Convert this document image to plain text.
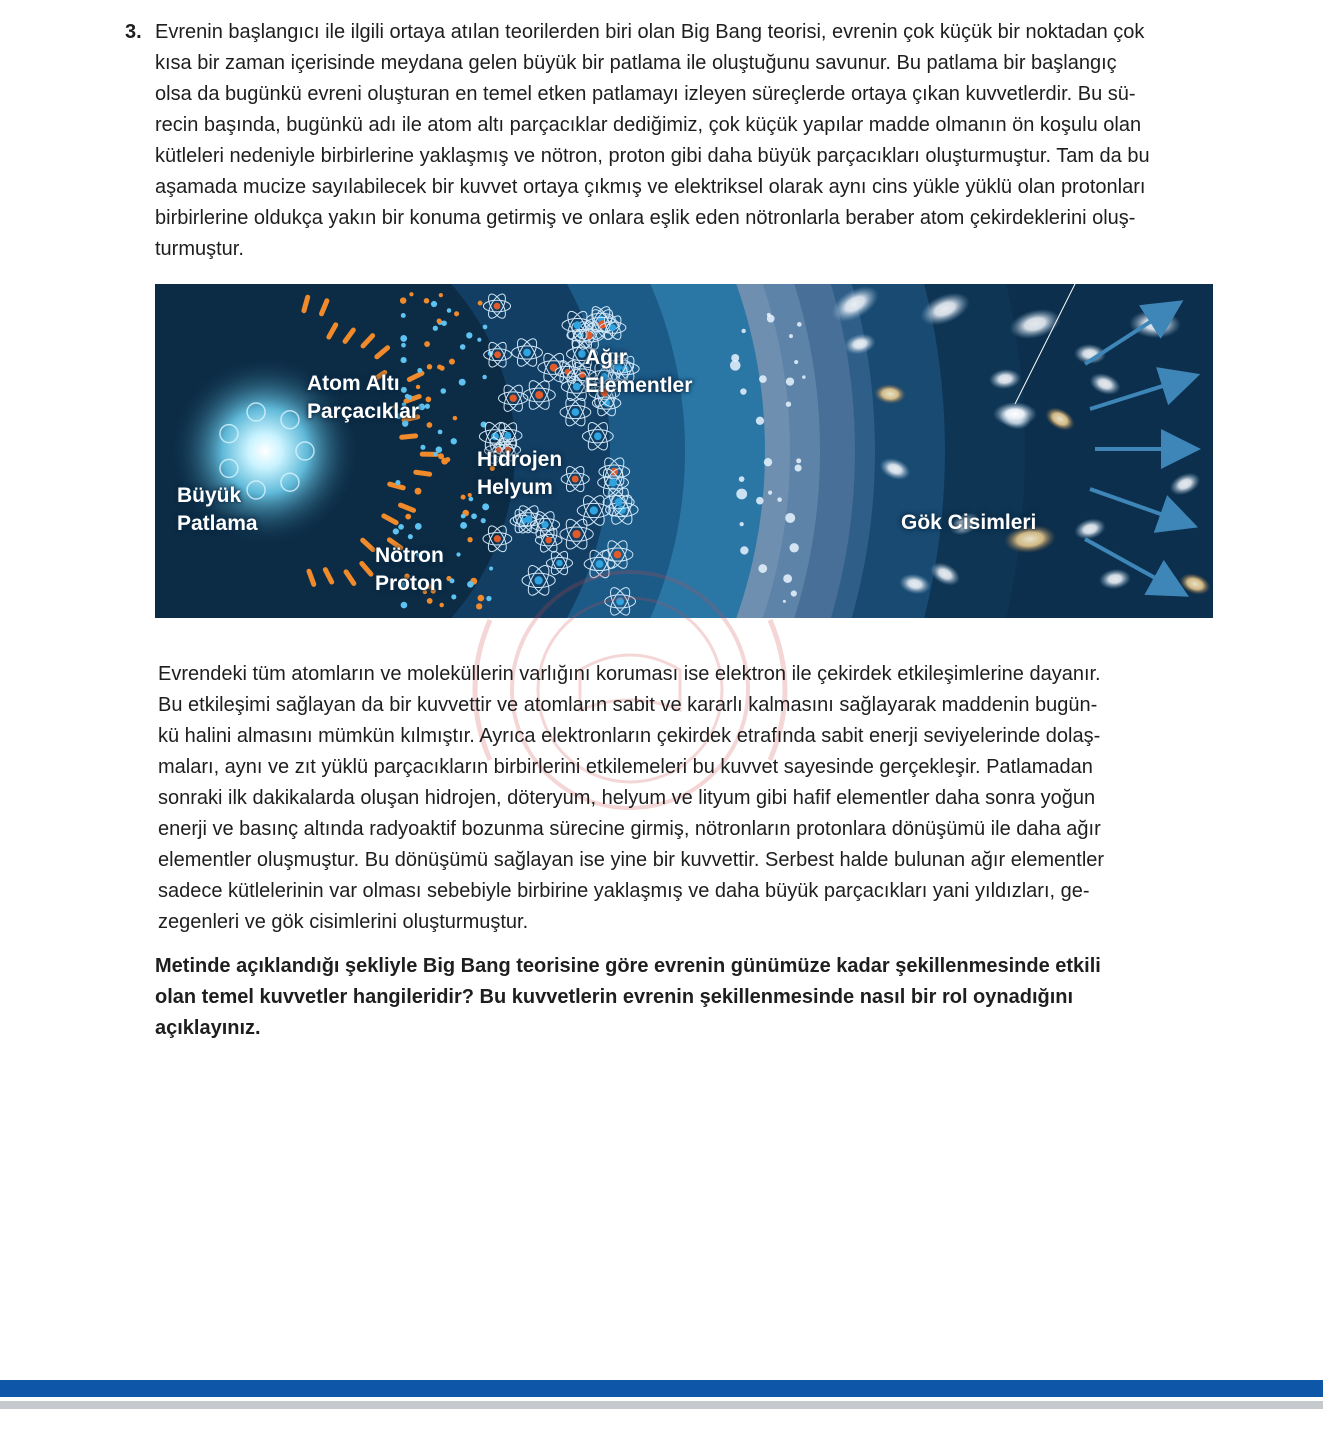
3. Evrenin başlangıcı ile ilgili ortaya atılan teorilerden biri olan Big Bang teorisi, evrenin çok küçük bir noktadan çok
kısa bir zaman içerisinde meydana gelen büyük bir patlama ile oluştuğunu savunur. Bu patlama bir başlangıç
olsa da bugünkü evreni oluşturan en temel etken patlamayı izleyen süreçlerde ortaya çıkan kuvvetlerdir. Bu sü-
recin başında, bugünkü adı ile atom altı parçacıklar dediğimiz, çok küçük yapılar madde olmanın ön koşulu olan
kütleleri nedeniyle birbirlerine yaklaşmış ve nötron, proton gibi daha büyük parçacıkları oluşturmuştur. Tam da bu
aşamada mucize sayılabilecek bir kuvvet ortaya çıkmış ve elektriksel olarak aynı cins yükle yüklü olan protonları
birbirlerine oldukça yakın bir konuma getirmiş ve onlara eşlik eden nötronlarla beraber atom çekirdeklerini oluş-
turmuştur.

Büyük
Patlama
Atom Altı
Parçacıklar
Nötron
Proton
Hidrojen
Helyum
Ağır
Elementler
Gök Cisimleri

Evrendeki tüm atomların ve moleküllerin varlığını koruması ise elektron ile çekirdek etkileşimlerine dayanır.
Bu etkileşimi sağlayan da bir kuvvettir ve atomların sabit ve kararlı kalmasını sağlayarak maddenin bugün-
kü halini almasını mümkün kılmıştır. Ayrıca elektronların çekirdek etrafında sabit enerji seviyelerinde dolaş-
maları, aynı ve zıt yüklü parçacıkların birbirlerini etkilemeleri bu kuvvet sayesinde gerçekleşir. Patlamadan
sonraki ilk dakikalarda oluşan hidrojen, döteryum, helyum ve lityum gibi hafif elementler daha sonra yoğun
enerji ve basınç altında radyoaktif bozunma sürecine girmiş, nötronların protonlara dönüşümü ile daha ağır
elementler oluşmuştur. Bu dönüşümü sağlayan ise yine bir kuvvettir. Serbest halde bulunan ağır elementler
sadece kütlelerinin var olması sebebiyle birbirine yaklaşmış ve daha büyük parçacıkları yani yıldızları, ge-
zegenleri ve gök cisimlerini oluşturmuştur.

Metinde açıklandığı şekliyle Big Bang teorisine göre evrenin günümüze kadar şekillenmesinde etkili
olan temel kuvvetler hangileridir? Bu kuvvetlerin evrenin şekillenmesinde nasıl bir rol oynadığını
açıklayınız.
